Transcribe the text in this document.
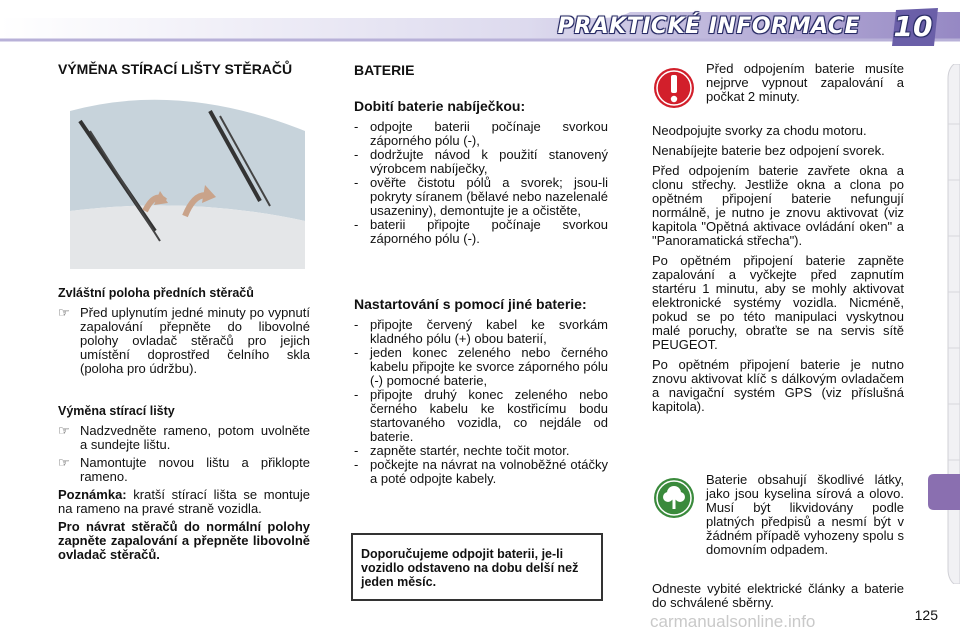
PRAKTICKÉ INFORMACE 10
VÝMĚNA STÍRACÍ LIŠTY STĚRAČŮ
Zvláštní poloha předních stěračů
☞ Před uplynutím jedné minuty po vypnutí zapalování přepněte do libovolné polohy ovladač stěračů pro jejich umístění doprostřed čelního skla (poloha pro údržbu).
Výměna stírací lišty
☞ Nadzvedněte rameno, potom uvolněte a sundejte lištu.
☞ Namontujte novou lištu a přiklopte rameno.

Poznámka: kratší stírací lišta se montuje na rameno na pravé straně vozidla.

Pro návrat stěračů do normální polohy zapněte zapalování a přepněte libovolně ovladač stěračů.

BATERIE
Dobití baterie nabíječkou:
- odpojte baterii počínaje svorkou záporného pólu (-),
- dodržujte návod k použití stanovený výrobcem nabíječky,
- ověřte čistotu pólů a svorek; jsou-li pokryty síranem (bělavé nebo nazelenalé usazeniny), demontujte je a očistěte,
- baterii připojte počínaje svorkou záporného pólu (-).
Nastartování s pomocí jiné baterie:
- připojte červený kabel ke svorkám kladného pólu (+) obou baterií,
- jeden konec zeleného nebo černého kabelu připojte ke svorce záporného pólu (-) pomocné baterie,
- připojte druhý konec zeleného nebo černého kabelu ke kostřicímu bodu startovaného vozidla, co nejdále od baterie.
- zapněte startér, nechte točit motor.
- počkejte na návrat na volnoběžné otáčky a poté odpojte kabely.
Doporučujeme odpojit baterii, je-li vozidlo odstaveno na dobu delší než jeden měsíc.
Před odpojením baterie musíte nejprve vypnout zapalování a počkat 2 minuty.

Neodpojujte svorky za chodu motoru.

Nenabíjejte baterie bez odpojení svorek.

Před odpojením baterie zavřete okna a clonu střechy. Jestliže okna a clona po opětném připojení baterie nefungují normálně, je nutno je znovu aktivovat (viz kapitola "Opětná aktivace ovládání oken" a "Panoramatická střecha").

Po opětném připojení baterie zapněte zapalování a vyčkejte před zapnutím startéru 1 minutu, aby se mohly aktivovat elektronické systémy vozidla. Nicméně, pokud se po této manipulaci vyskytnou malé poruchy, obraťte se na servis sítě PEUGEOT.

Po opětném připojení baterie je nutno znovu aktivovat klíč s dálkovým ovladačem a navigační systém GPS (viz příslušná kapitola).

Baterie obsahují škodlivé látky, jako jsou kyselina sírová a olovo. Musí být likvidovány podle platných předpisů a nesmí být v žádném případě vyhozeny spolu s domovním odpadem.

Odneste vybité elektrické články a baterie do schválené sběrny.

125
carmanualsonline.info
